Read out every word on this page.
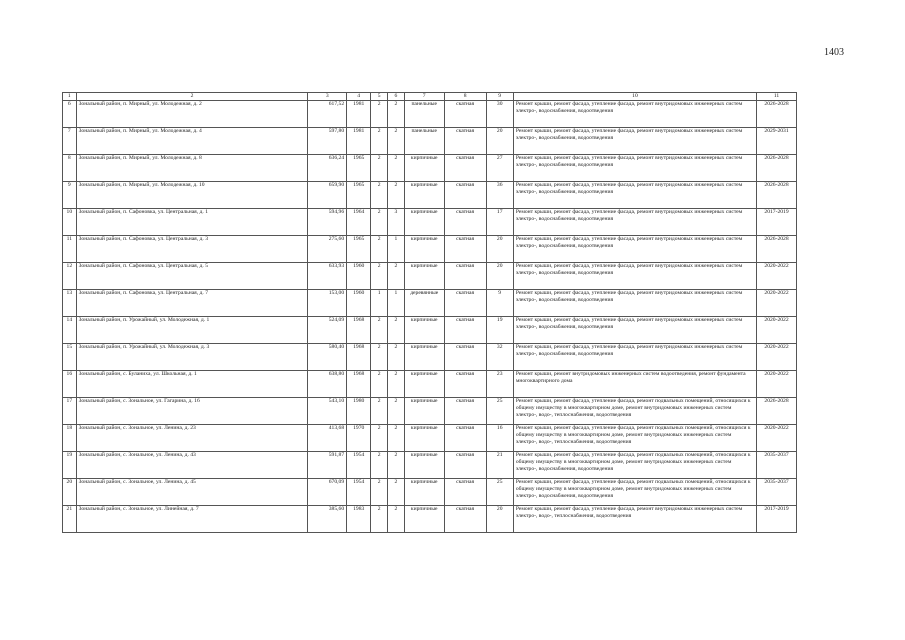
1403
1	2	3	4	5	6	7	8	9	10	11
6	Зональный район, п. Мирный, ул. Молодежная, д. 2	617,52	1981	2	2	панельные	скатная	30	Ремонт крыши, ремонт фасада, утепление фасада, ремонт внутридомовых инженерных систем электро-, водоснабжения, водоотведения	2026-2028
7	Зональный район, п. Мирный, ул. Молодежная, д. 4	597,80	1981	2	2	панельные	скатная	20	Ремонт крыши, ремонт фасада, утепление фасада, ремонт внутридомовых инженерных систем электро-, водоснабжения, водоотведения	2029-2031
8	Зональный район, п. Мирный, ул. Молодежная, д. 8	636,24	1965	2	2	кирпичные	скатная	27	Ремонт крыши, ремонт фасада, утепление фасада, ремонт внутридомовых инженерных систем электро-, водоснабжения, водоотведения	2026-2028
9	Зональный район, п. Мирный, ул. Молодежная, д. 10	659,90	1965	2	2	кирпичные	скатная	36	Ремонт крыши, ремонт фасада, утепление фасада, ремонт внутридомовых инженерных систем электро-, водоснабжения, водоотведения	2026-2028
10	Зональный район, п. Сафоновка, ул. Центральная, д. 1	594,96	1964	2	3	кирпичные	скатная	17	Ремонт крыши, ремонт фасада, утепление фасада, ремонт внутридомовых инженерных систем электро-, водоснабжения, водоотведения	2017-2019
11	Зональный район, п. Сафоновка, ул. Центральная, д. 3	275,60	1965	2	1	кирпичные	скатная	20	Ремонт крыши, ремонт фасада, утепление фасада, ремонт внутридомовых инженерных систем электро-, водоснабжения, водоотведения	2026-2028
12	Зональный район, п. Сафоновка, ул. Центральная, д. 5	633,93	1960	2	2	кирпичные	скатная	20	Ремонт крыши, ремонт фасада, утепление фасада, ремонт внутридомовых инженерных систем электро-, водоснабжения, водоотведения	2020-2022
13	Зональный район, п. Сафоновка, ул. Центральная, д. 7	153,00	1960	1	1	деревянные	скатная	9	Ремонт крыши, ремонт фасада, утепление фасада, ремонт внутридомовых инженерных систем электро-, водоснабжения, водоотведения	2020-2022
14	Зональный район, п. Урожайный, ул. Молодежная, д. 1	524,09	1968	2	2	кирпичные	скатная	19	Ремонт крыши, ремонт фасада, утепление фасада, ремонт внутридомовых инженерных систем электро-, водоснабжения, водоотведения	2020-2022
15	Зональный район, п. Урожайный, ул. Молодежная, д. 3	580,40	1968	2	2	кирпичные	скатная	32	Ремонт крыши, ремонт фасада, утепление фасада, ремонт внутридомовых инженерных систем электро-, водоснабжения, водоотведения	2020-2022
16	Зональный район, с. Буланиха, ул. Школьная, д. 1	638,80	1968	2	2	кирпичные	скатная	23	Ремонт крыши, ремонт внутридомовых инженерных систем водоотведения, ремонт фундамента многоквартирного дома	2020-2022
17	Зональный район, с. Зональное, ул. Гагарина, д. 16	543,10	1980	2	2	кирпичные	скатная	25	Ремонт крыши, ремонт фасада, утепление фасада, ремонт подвальных помещений, относящихся к общему имуществу в многоквартирном доме, ремонт внутридомовых инженерных систем электро-, водо-, теплоснабжения, водоотведения	2026-2028
18	Зональный район, с. Зональное, ул. Ленина, д. 23	413,68	1970	2	2	кирпичные	скатная	16	Ремонт крыши, ремонт фасада, утепление фасада, ремонт подвальных помещений, относящихся к общему имуществу в многоквартирном доме, ремонт внутридомовых инженерных систем электро-, водо-, теплоснабжения, водоотведения	2020-2022
19	Зональный район, с. Зональное, ул. Ленина, д. 43	591,87	1954	2	2	кирпичные	скатная	21	Ремонт крыши, ремонт фасада, утепление фасада, ремонт подвальных помещений, относящихся к общему имуществу в многоквартирном доме, ремонт внутридомовых инженерных систем электро-, водоснабжения, водоотведения	2035-2037
20	Зональный район, с. Зональное, ул. Ленина, д. 45	670,09	1954	2	2	кирпичные	скатная	25	Ремонт крыши, ремонт фасада, утепление фасада, ремонт подвальных помещений, относящихся к общему имуществу в многоквартирном доме, ремонт внутридомовых инженерных систем электро-, водоснабжения, водоотведения	2035-2037
21	Зональный район, с. Зональное, ул. Линейная, д. 7	385,60	1983	2	2	кирпичные	скатная	20	Ремонт крыши, ремонт фасада, утепление фасада, ремонт внутридомовых инженерных систем электро-, водо-, теплоснабжения, водоотведения	2017-2019
